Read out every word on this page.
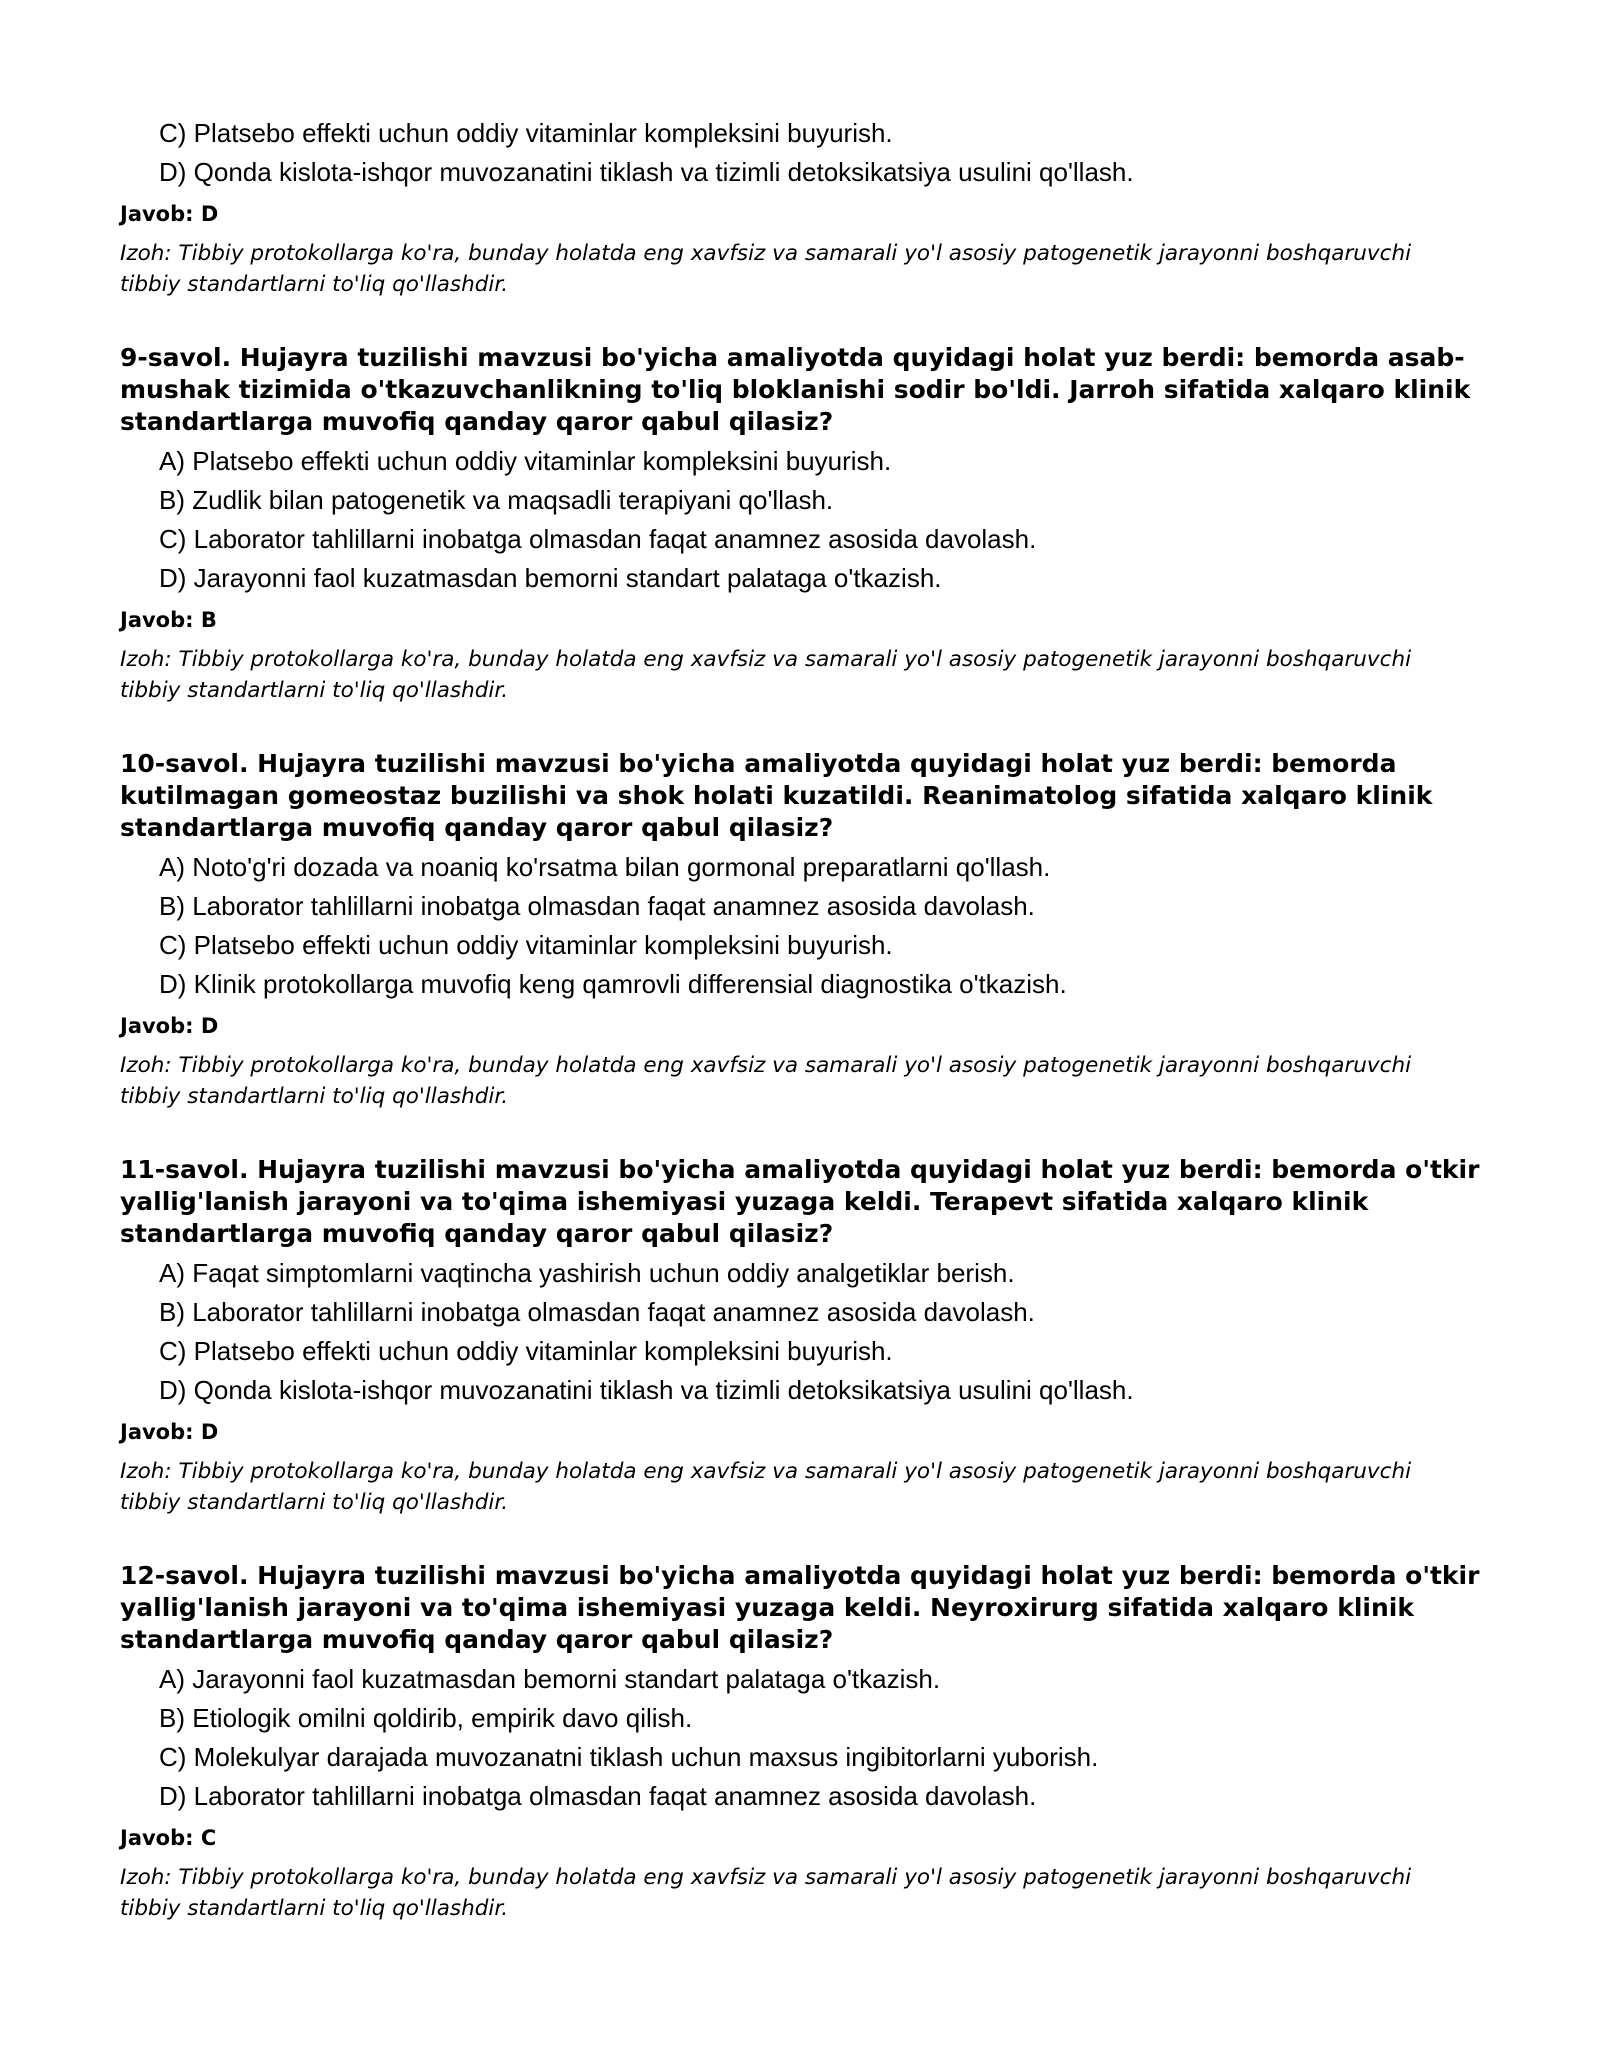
C) Platsebo effekti uchun oddiy vitaminlar kompleksini buyurish.
D) Qonda kislota-ishqor muvozanatini tiklash va tizimli detoksikatsiya usulini qo'llash.

Javob: D

Izoh: Tibbiy protokollarga ko'ra, bunday holatda eng xavfsiz va samarali yo'l asosiy patogenetik jarayonni boshqaruvchi tibbiy standartlarni to'liq qo'llashdir.

9-savol. Hujayra tuzilishi mavzusi bo'yicha amaliyotda quyidagi holat yuz berdi: bemorda asab-mushak tizimida o'tkazuvchanlikning to'liq bloklanishi sodir bo'ldi. Jarroh sifatida xalqaro klinik standartlarga muvofiq qanday qaror qabul qilasiz?

A) Platsebo effekti uchun oddiy vitaminlar kompleksini buyurish.
B) Zudlik bilan patogenetik va maqsadli terapiyani qo'llash.
C) Laborator tahlillarni inobatga olmasdan faqat anamnez asosida davolash.
D) Jarayonni faol kuzatmasdan bemorni standart palataga o'tkazish.

Javob: B

Izoh: Tibbiy protokollarga ko'ra, bunday holatda eng xavfsiz va samarali yo'l asosiy patogenetik jarayonni boshqaruvchi tibbiy standartlarni to'liq qo'llashdir.

10-savol. Hujayra tuzilishi mavzusi bo'yicha amaliyotda quyidagi holat yuz berdi: bemorda kutilmagan gomeostaz buzilishi va shok holati kuzatildi. Reanimatolog sifatida xalqaro klinik standartlarga muvofiq qanday qaror qabul qilasiz?

A) Noto'g'ri dozada va noaniq ko'rsatma bilan gormonal preparatlarni qo'llash.
B) Laborator tahlillarni inobatga olmasdan faqat anamnez asosida davolash.
C) Platsebo effekti uchun oddiy vitaminlar kompleksini buyurish.
D) Klinik protokollarga muvofiq keng qamrovli differensial diagnostika o'tkazish.

Javob: D

Izoh: Tibbiy protokollarga ko'ra, bunday holatda eng xavfsiz va samarali yo'l asosiy patogenetik jarayonni boshqaruvchi tibbiy standartlarni to'liq qo'llashdir.

11-savol. Hujayra tuzilishi mavzusi bo'yicha amaliyotda quyidagi holat yuz berdi: bemorda o'tkir yallig'lanish jarayoni va to'qima ishemiyasi yuzaga keldi. Terapevt sifatida xalqaro klinik standartlarga muvofiq qanday qaror qabul qilasiz?

A) Faqat simptomlarni vaqtincha yashirish uchun oddiy analgetiklar berish.
B) Laborator tahlillarni inobatga olmasdan faqat anamnez asosida davolash.
C) Platsebo effekti uchun oddiy vitaminlar kompleksini buyurish.
D) Qonda kislota-ishqor muvozanatini tiklash va tizimli detoksikatsiya usulini qo'llash.

Javob: D

Izoh: Tibbiy protokollarga ko'ra, bunday holatda eng xavfsiz va samarali yo'l asosiy patogenetik jarayonni boshqaruvchi tibbiy standartlarni to'liq qo'llashdir.

12-savol. Hujayra tuzilishi mavzusi bo'yicha amaliyotda quyidagi holat yuz berdi: bemorda o'tkir yallig'lanish jarayoni va to'qima ishemiyasi yuzaga keldi. Neyroxirurg sifatida xalqaro klinik standartlarga muvofiq qanday qaror qabul qilasiz?

A) Jarayonni faol kuzatmasdan bemorni standart palataga o'tkazish.
B) Etiologik omilni qoldirib, empirik davo qilish.
C) Molekulyar darajada muvozanatni tiklash uchun maxsus ingibitorlarni yuborish.
D) Laborator tahlillarni inobatga olmasdan faqat anamnez asosida davolash.

Javob: C

Izoh: Tibbiy protokollarga ko'ra, bunday holatda eng xavfsiz va samarali yo'l asosiy patogenetik jarayonni boshqaruvchi tibbiy standartlarni to'liq qo'llashdir.
